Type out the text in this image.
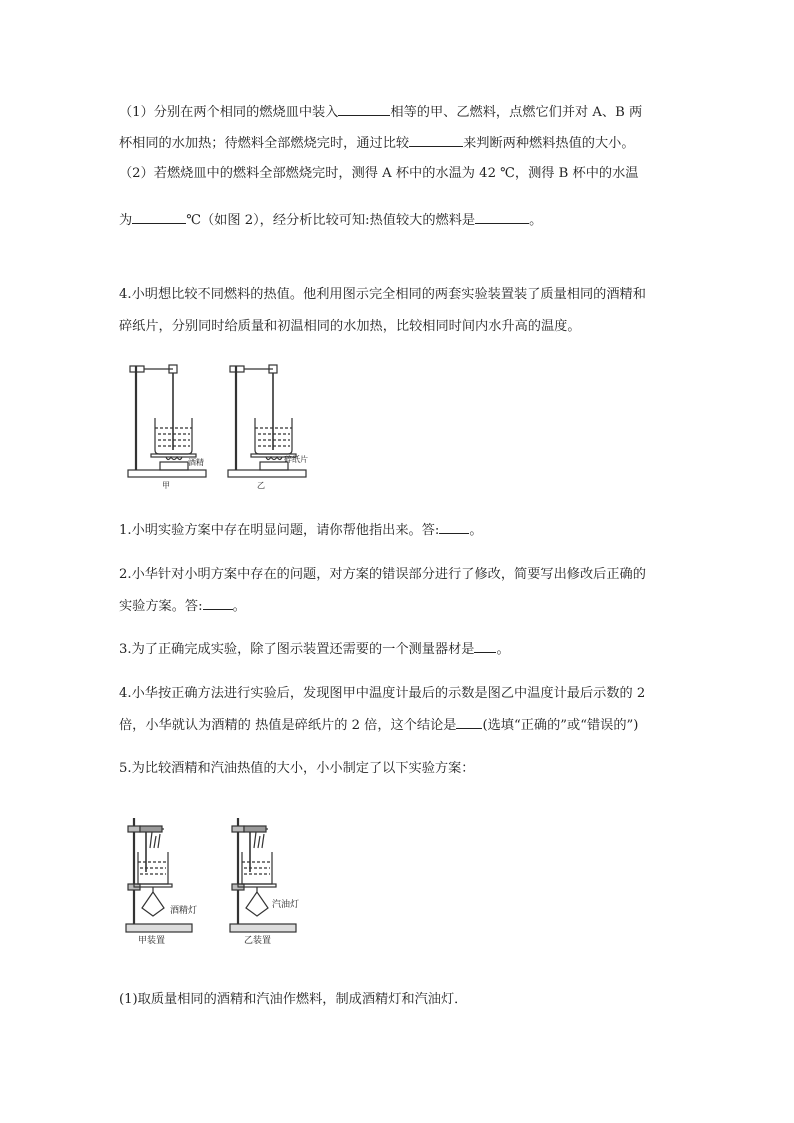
（1）分别在两个相同的燃烧皿中装入	相等的甲、乙燃料，点燃它们并对 A、B 两
杯相同的水加热；待燃料全部燃烧完时，通过比较	来判断两种燃料热值的大小。
（2）若燃烧皿中的燃料全部燃烧完时，测得 A 杯中的水温为 42 ℃，测得 B 杯中的水温
为	℃（如图 2），经分析比较可知:热值较大的燃料是	。
4.小明想比较不同燃料的热值。他利用图示完全相同的两套实验装置装了质量相同的酒精和
碎纸片，分别同时给质量和初温相同的水加热，比较相同时间内水升高的温度。
酒精
甲
碎纸片
乙
1.小明实验方案中存在明显问题，请你帮他指出来。答: 。
2.小华针对小明方案中存在的问题，对方案的错误部分进行了修改，简要写出修改后正确的
实验方案。答: 。
3.为了正确完成实验，除了图示装置还需要的一个测量器材是 。
4.小华按正确方法进行实验后，发现图甲中温度计最后的示数是图乙中温度计最后示数的 2
倍，小华就认为酒精的 热值是碎纸片的 2 倍，这个结论是 (选填“正确的”或“错误的”)
5.为比较酒精和汽油热值的大小，小小制定了以下实验方案：
酒精灯
甲装置
汽油灯
乙装置
(1)取质量相同的酒精和汽油作燃料，制成酒精灯和汽油灯．
